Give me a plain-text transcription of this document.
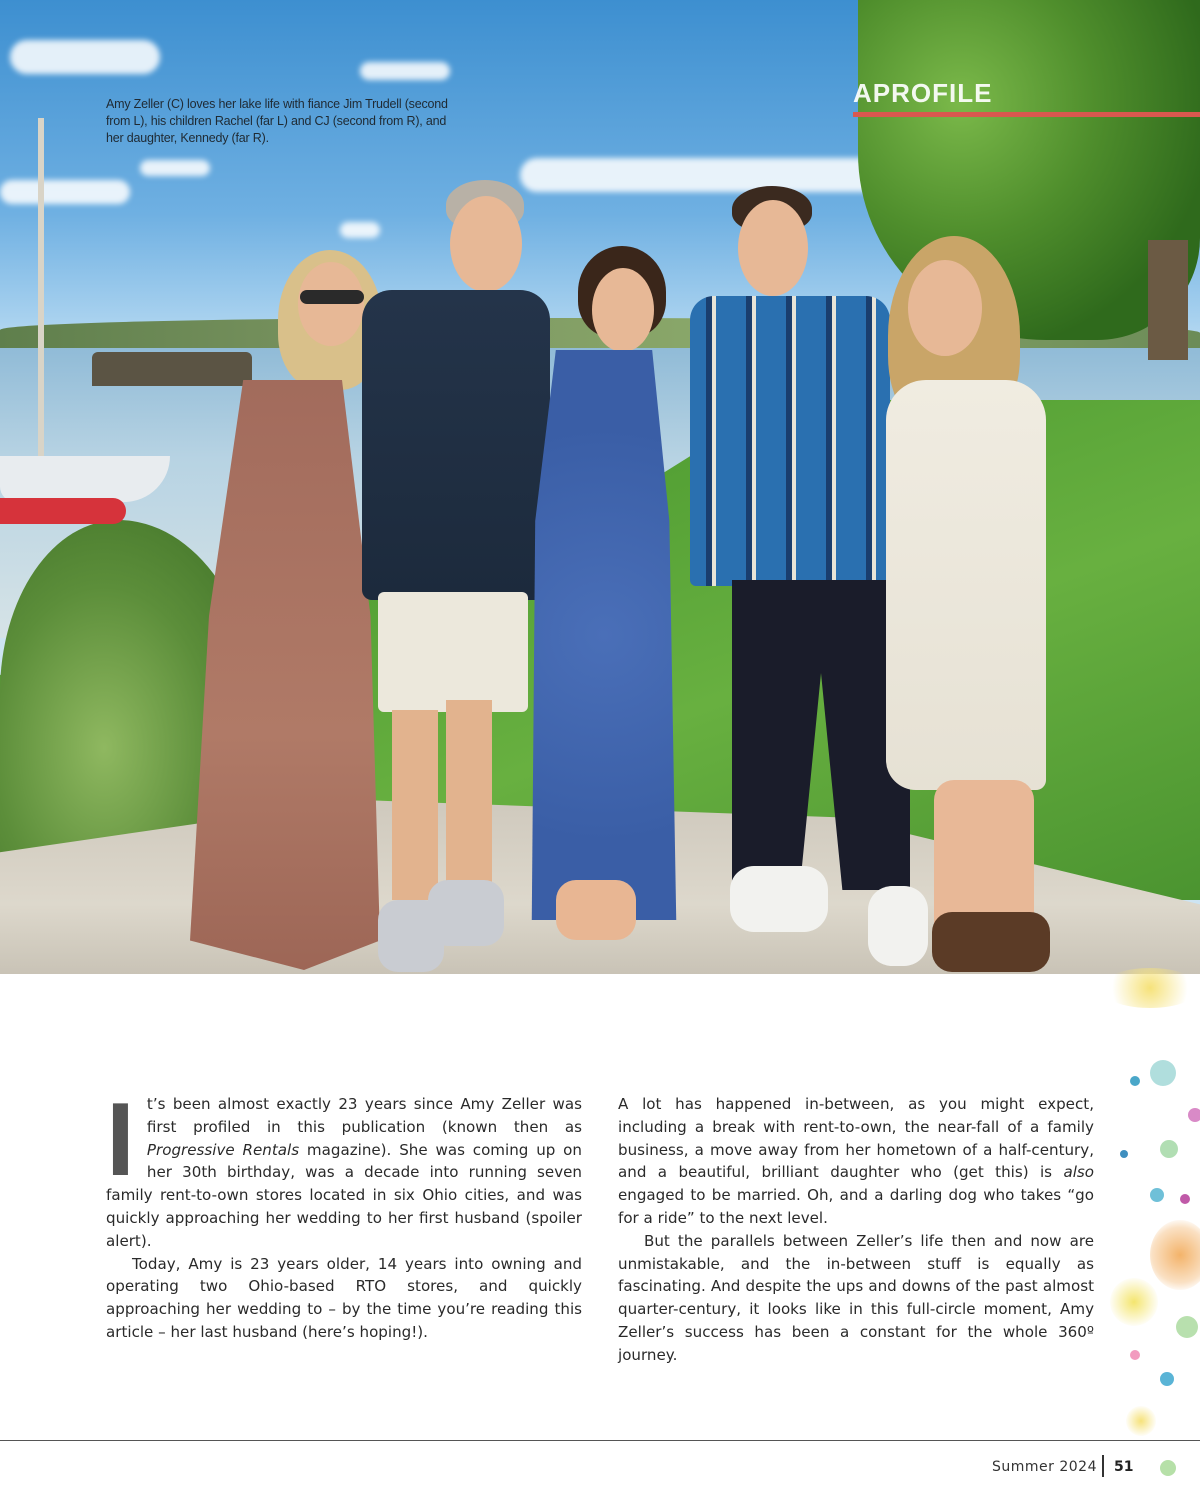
Amy Zeller (C) loves her lake life with fiance Jim Trudell (second from L), his children Rachel (far L) and CJ (second from R), and her daughter, Kennedy (far R).
APROFILE

It’s been almost exactly 23 years since Amy Zeller was first profiled in this publication (known then as Progressive Rentals magazine). She was coming up on her 30th birthday, was a decade into running seven family rent-to-own stores located in six Ohio cities, and was quickly approaching her wedding to her first husband (spoiler alert).

Today, Amy is 23 years older, 14 years into owning and operating two Ohio-based RTO stores, and quickly approaching her wedding to – by the time you’re reading this article – her last husband (here’s hoping!).

A lot has happened in-between, as you might expect, including a break with rent-to-own, the near-fall of a family business, a move away from her hometown of a half-century, and a beautiful, brilliant daughter who (get this) is also engaged to be married. Oh, and a darling dog who takes “go for a ride” to the next level.

But the parallels between Zeller’s life then and now are unmistakable, and the in-between stuff is equally as fascinating. And despite the ups and downs of the past almost quarter-century, it looks like in this full-circle moment, Amy Zeller’s success has been a constant for the whole 360º journey.

Summer 2024 51
